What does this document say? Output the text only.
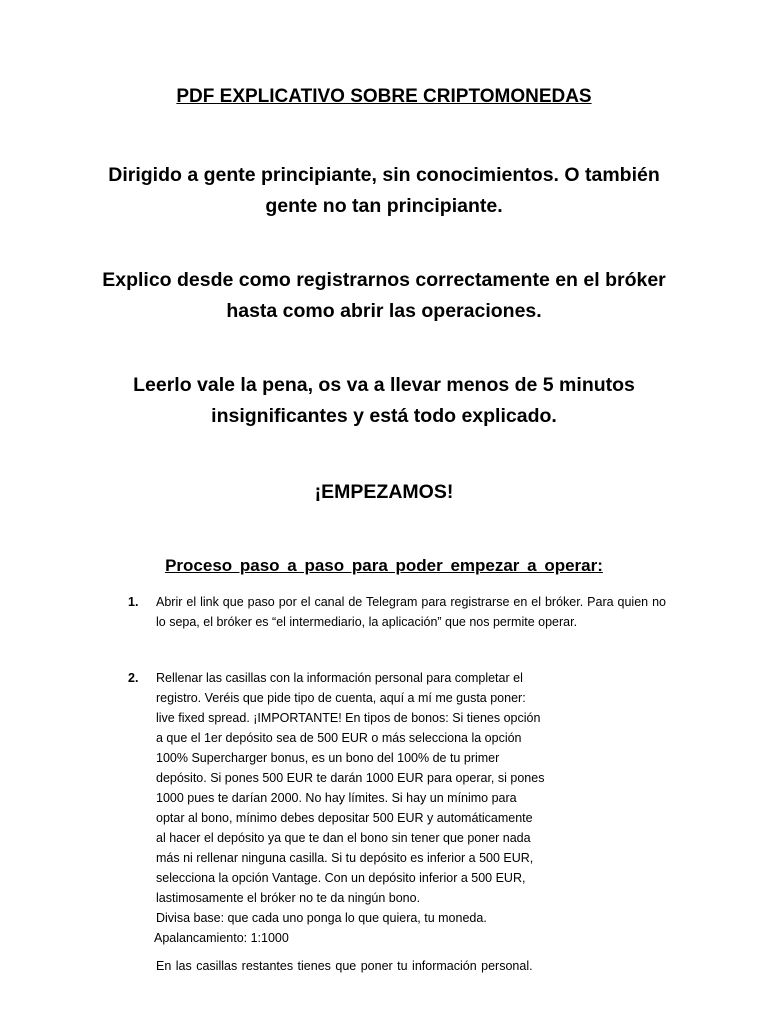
PDF EXPLICATIVO SOBRE CRIPTOMONEDAS
Dirigido a gente principiante, sin conocimientos. O también gente no tan principiante.
Explico desde como registrarnos correctamente en el bróker hasta como abrir las operaciones.
Leerlo vale la pena, os va a llevar menos de 5 minutos insignificantes y está todo explicado.
¡EMPEZAMOS!
Proceso paso a paso para poder empezar a operar:
1. Abrir el link que paso por el canal de Telegram para registrarse en el bróker. Para quien no lo sepa, el bróker es “el intermediario, la aplicación” que nos permite operar.
2. Rellenar las casillas con la información personal para completar el
registro. Veréis que pide tipo de cuenta, aquí a mí me gusta poner:
live fixed spread. ¡IMPORTANTE! En tipos de bonos: Si tienes opción
a que el 1er depósito sea de 500 EUR o más selecciona la opción
100% Supercharger bonus, es un bono del 100% de tu primer
depósito. Si pones 500 EUR te darán 1000 EUR para operar, si pones
1000 pues te darían 2000. No hay límites. Si hay un mínimo para
optar al bono, mínimo debes depositar 500 EUR y automáticamente
al hacer el depósito ya que te dan el bono sin tener que poner nada
más ni rellenar ninguna casilla. Si tu depósito es inferior a 500 EUR,
selecciona la opción Vantage. Con un depósito inferior a 500 EUR,
lastimosamente el bróker no te da ningún bono.
Divisa base: que cada uno ponga lo que quiera, tu moneda.
Apalancamiento: 1:1000
En las casillas restantes tienes que poner tu información personal.
